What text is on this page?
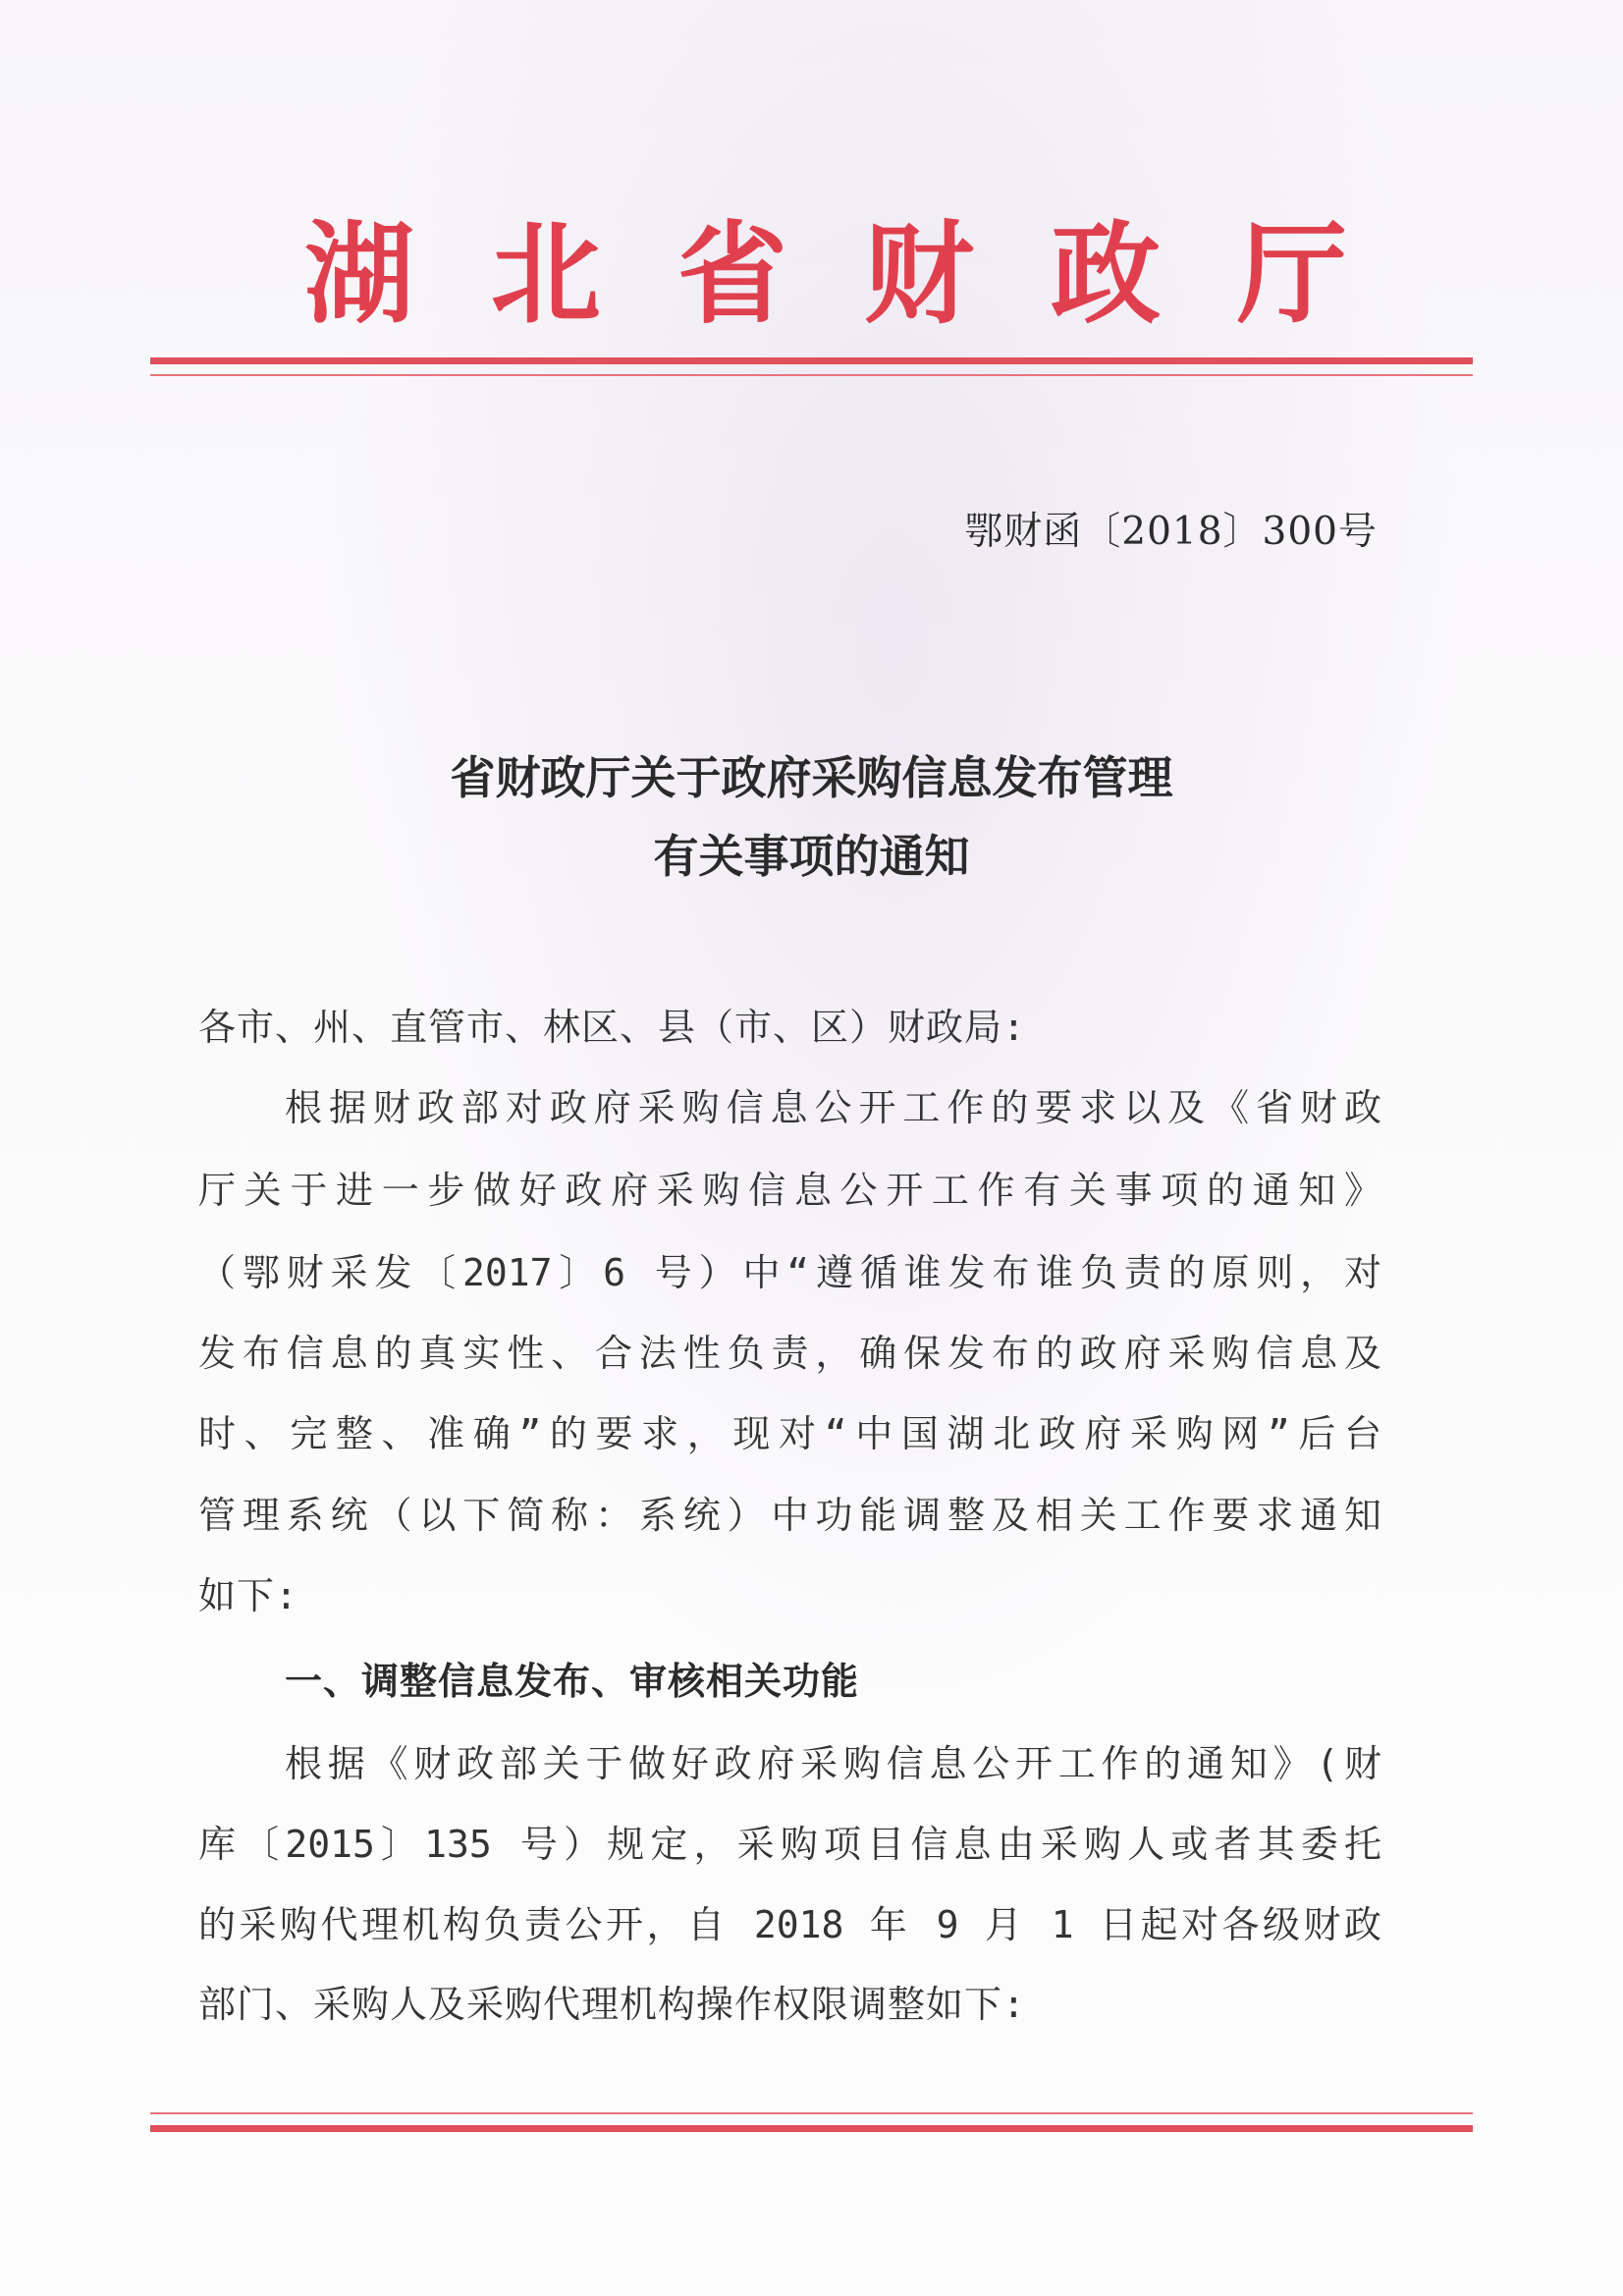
湖北省财政厅
鄂财函〔2018〕300号
省财政厅关于政府采购信息发布管理
有关事项的通知
各市、州、直管市、林区、县（市、区）财政局:
根据财政部对政府采购信息公开工作的要求以及《省财政
厅关于进一步做好政府采购信息公开工作有关事项的通知》
（鄂财采发〔2017〕6 号）中“遵循谁发布谁负责的原则，对
发布信息的真实性、合法性负责，确保发布的政府采购信息及
时、完整、准确”的要求，现对“中国湖北政府采购网”后台
管理系统（以下简称：系统）中功能调整及相关工作要求通知
如下:
一、调整信息发布、审核相关功能
根据《财政部关于做好政府采购信息公开工作的通知》(财
库〔2015〕135 号）规定，采购项目信息由采购人或者其委托
的采购代理机构负责公开，自 2018 年 9 月 1 日起对各级财政
部门、采购人及采购代理机构操作权限调整如下:
